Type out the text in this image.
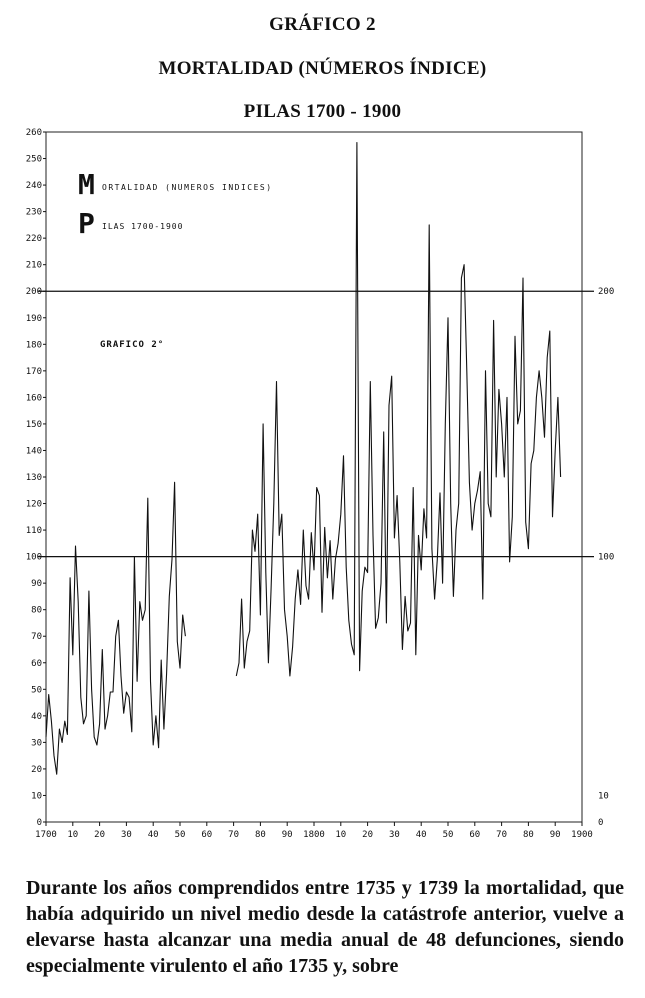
GRÁFICO 2
MORTALIDAD (NÚMEROS ÍNDICE)
PILAS 1700 - 1900
0
10
20
30
40
50
60
70
80
90
100
110
120
130
140
150
160
170
180
190
200
210
220
230
240
250
260
1700 10 20 30 40 50 60 70 80 90 1800 10 20 30 40 50 60 70 80 90 1900
200
100
10
0
M ORTALIDAD (NUMEROS INDICES)
P ILAS 1700-1900
GRAFICO 2°

Durante los años comprendidos entre 1735 y 1739 la mortalidad, que había adquirido un nivel medio desde la catástrofe anterior, vuelve a elevarse hasta alcanzar una media anual de 48 defunciones, siendo especialmente virulento el año 1735 y, sobre
